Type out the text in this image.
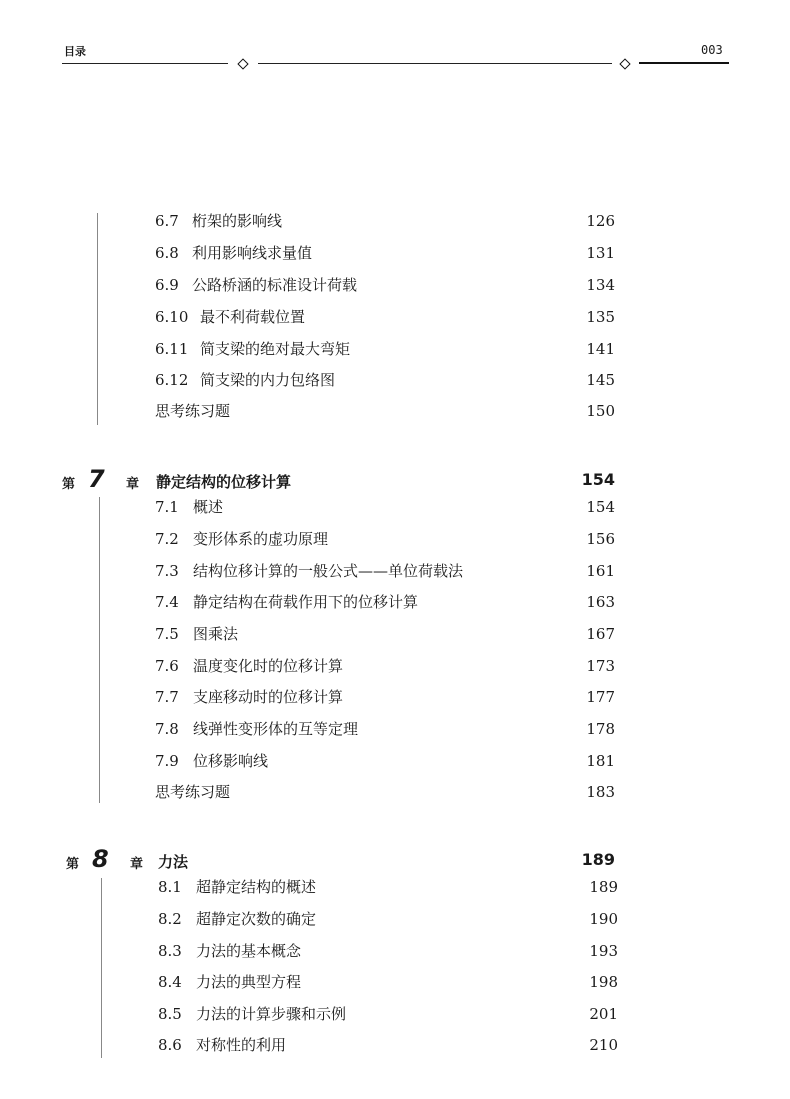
目录	003
6.7 桁架的影响线	126
6.8 利用影响线求量值	131
6.9 公路桥涵的标准设计荷载	134
6.10 最不利荷载位置	135
6.11 简支梁的绝对最大弯矩	141
6.12 简支梁的内力包络图	145
思考练习题	150
第 7 章 静定结构的位移计算	154
7.1 概述	154
7.2 变形体系的虚功原理	156
7.3 结构位移计算的一般公式——单位荷载法	161
7.4 静定结构在荷载作用下的位移计算	163
7.5 图乘法	167
7.6 温度变化时的位移计算	173
7.7 支座移动时的位移计算	177
7.8 线弹性变形体的互等定理	178
7.9 位移影响线	181
思考练习题	183
第 8 章 力法	189
8.1 超静定结构的概述	189
8.2 超静定次数的确定	190
8.3 力法的基本概念	193
8.4 力法的典型方程	198
8.5 力法的计算步骤和示例	201
8.6 对称性的利用	210
